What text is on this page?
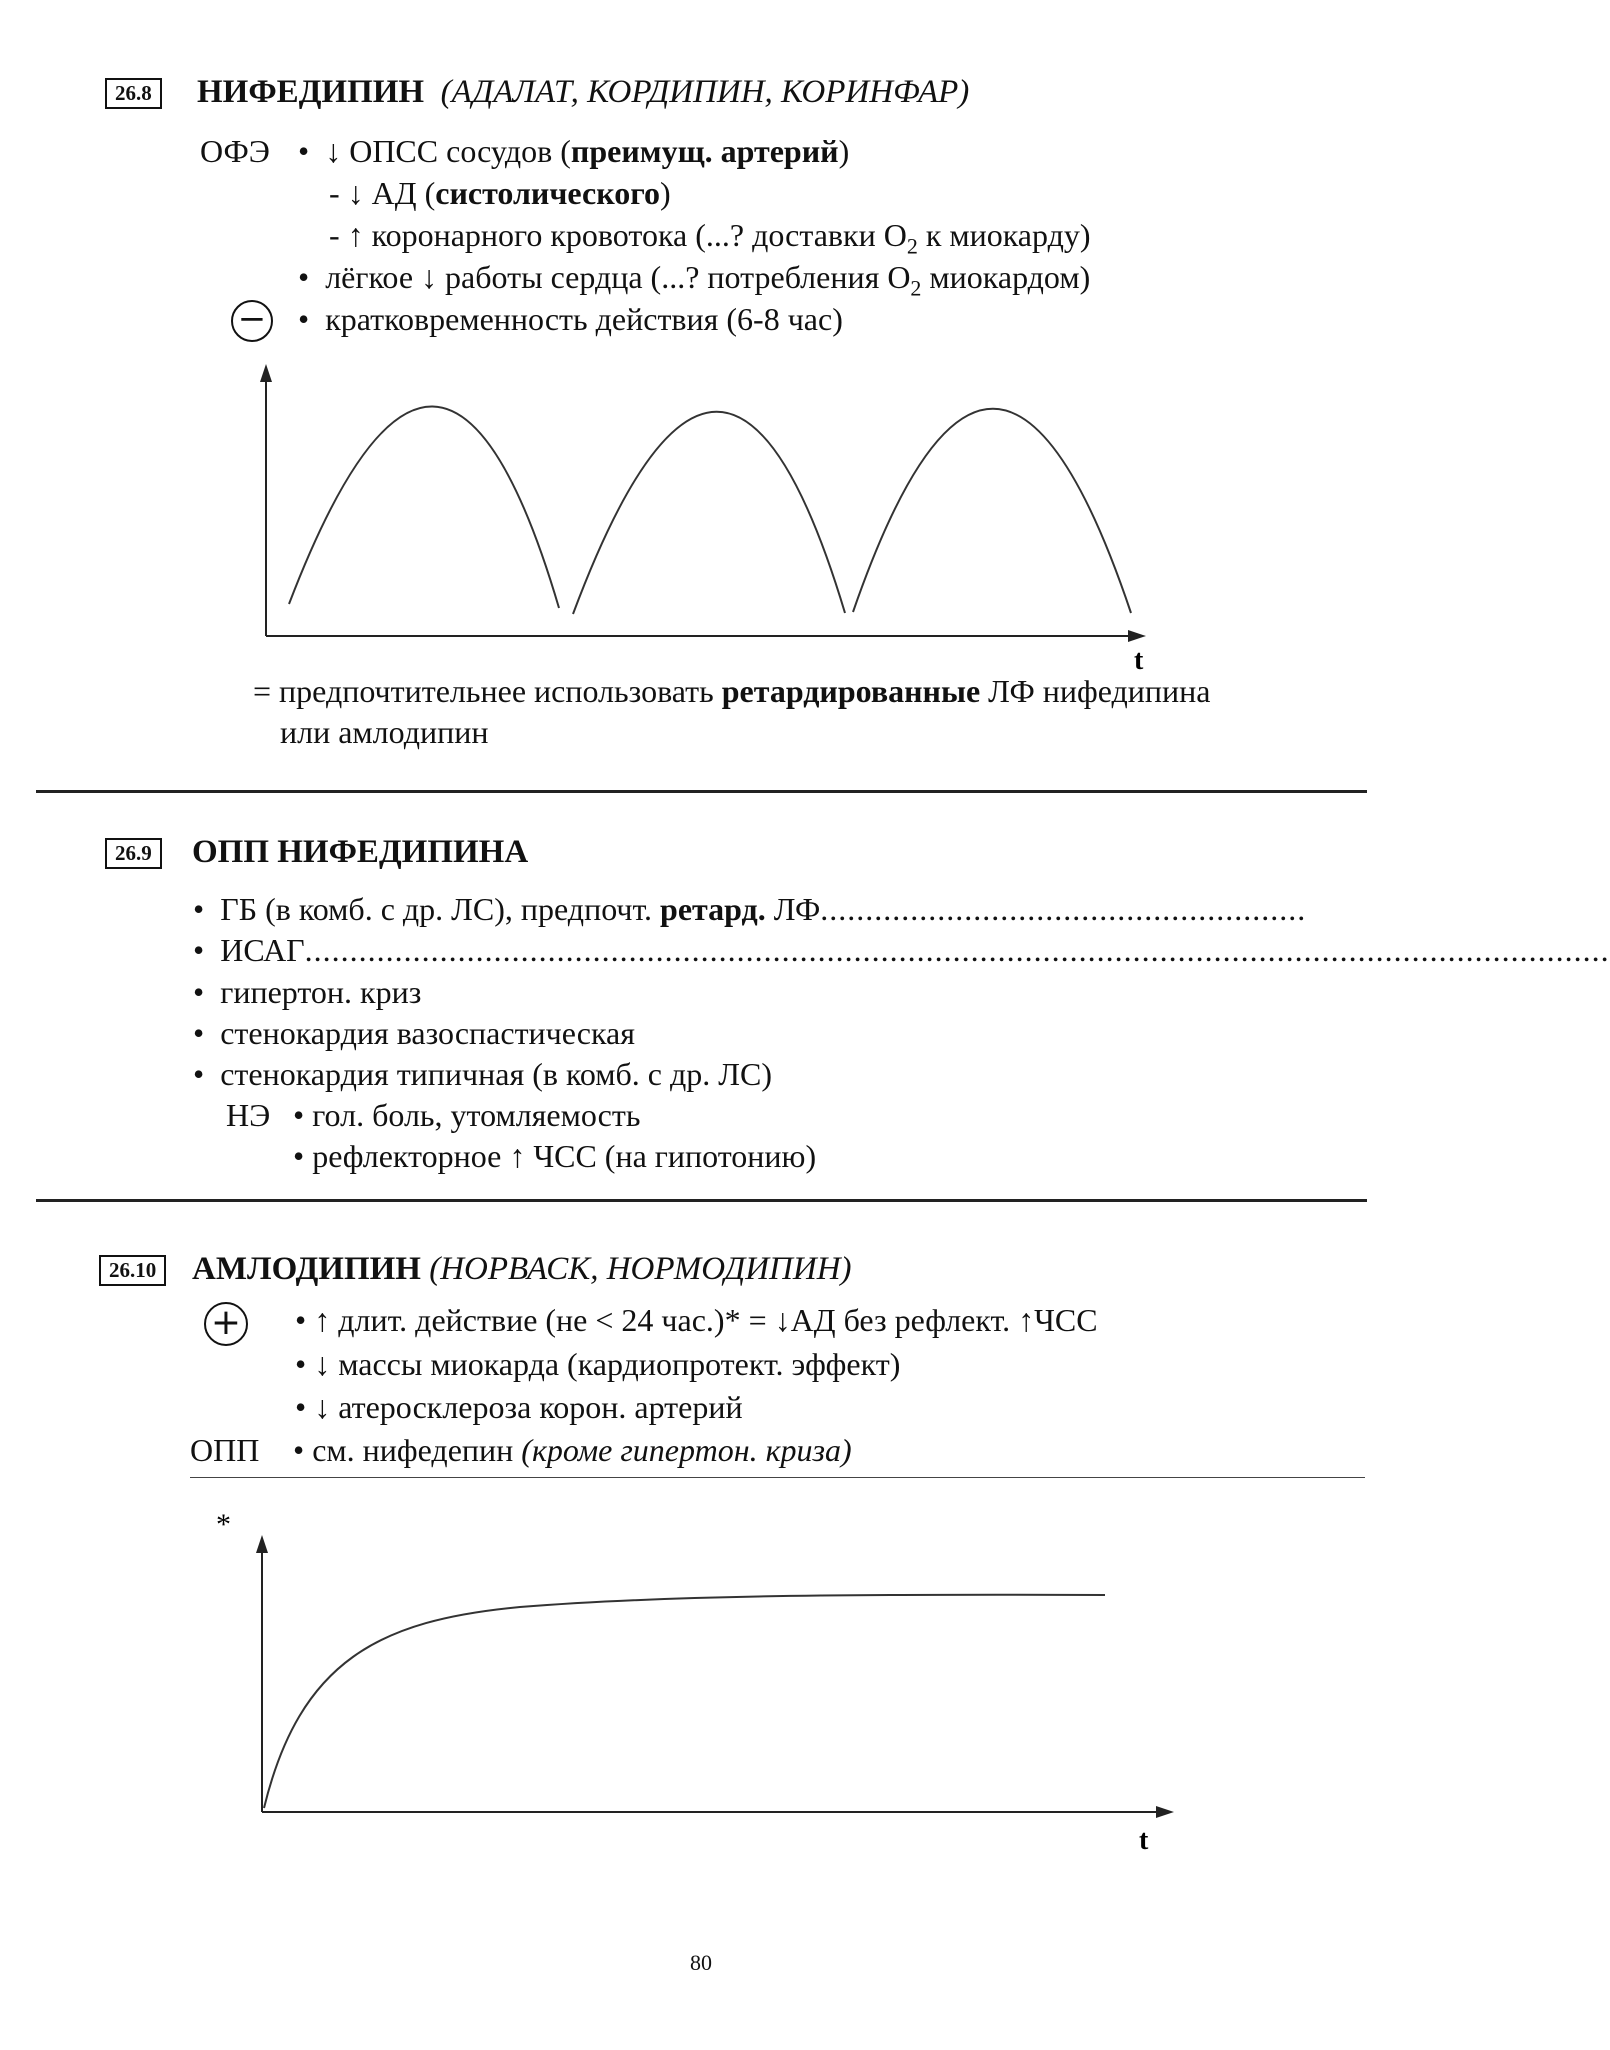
26.8	НИФЕДИПИН (АДАЛАТ, КОРДИПИН, КОРИНФАР)
ОФЭ • ↓ ОПСС сосудов (преимущ. артерий)
- ↓ АД (систолического)
- ↑ коронарного кровотока (...? доставки $O_2$ к миокарду)
• лёгкое ↓ работы сердца (...? потребления $O_2$ миокардом)
− • кратковременность действия (6-8 час)
t
= предпочтительнее использовать ретардированные ЛФ нифедипина
или амлодипин
26.9	ОПП НИФЕДИПИНА
• ГБ (в комб. с др. ЛС), предпочт. ретард. ЛФ......................................................
• ИСАГ.................................................................................................................................................
• гипертон. криз
• стенокардия вазоспастическая
• стенокардия типичная (в комб. с др. ЛС)
НЭ • гол. боль, утомляемость
• рефлекторное ↑ ЧСС (на гипотонию)
26.10	АМЛОДИПИН (НОРВАСК, НОРМОДИПИН)
+ • ↑ длит. действие (не < 24 час.)* = ↓АД без рефлект. ↑ЧСС
• ↓ массы миокарда (кардиопротект. эффект)
• ↓ атеросклероза корон. артерий
ОПП • см. нифедепин (кроме гипертон. криза)
*
t
80
